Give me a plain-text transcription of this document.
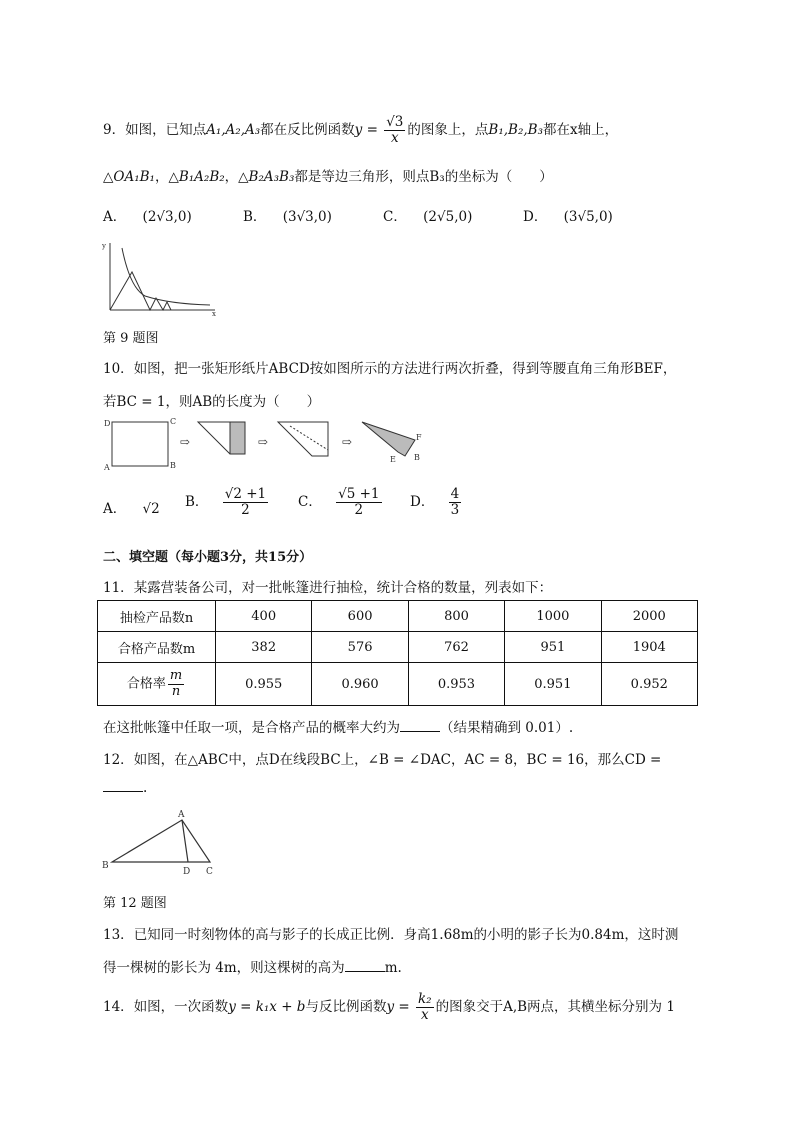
9．如图，已知点A₁,A₂,A₃都在反比例函数$y = \frac{√3}{x}$ 的图象上，点B₁,B₂,B₃都在x轴上，
△OA₁B₁，△B₁A₂B₂，△B₂A₃B₃都是等边三角形，则点B₃的坐标为（　　）
A． (2√3,0)	B． (3√3,0)	C． (2√5,0)	D． (3√5,0)
y
x
第 9 题图
10．如图，把一张矩形纸片ABCD按如图所示的方法进行两次折叠，得到等腰直角三角形BEF，
若BC = 1，则AB的长度为（　　）
D	C
A	B
⇨	⇨	⇨	F
E B
A． √2 B． $\frac{√2 +1}{2}$ C． $\frac{√5 +1}{2}$ D． $\frac{4}{3}$
二、填空题（每小题3分，共15分）
11．某露营装备公司，对一批帐篷进行抽检，统计合格的数量，列表如下：
抽检产品数n	400	600	800	1000	2000
合格产品数m	382	576	762	951	1904
合格率 $\frac{m}{n}$	0.955	0.960	0.953	0.951	0.952
在这批帐篷中任取一项，是合格产品的概率大约为	（结果精确到 0.01）.
12．如图，在△ABC中，点D在线段BC上，∠B = ∠DAC，AC = 8，BC = 16，那么CD =
.
A
B
D C
第 12 题图
13．已知同一时刻物体的高与影子的长成正比例．身高1.68m的小明的影子长为0.84m，这时测
得一棵树的影长为 4m，则这棵树的高为	m.
14．如图，一次函数y = k₁x + b与反比例函数$y = \frac{\text{k₂}}{x}$ 的图象交于A,B两点，其横坐标分别为 1
